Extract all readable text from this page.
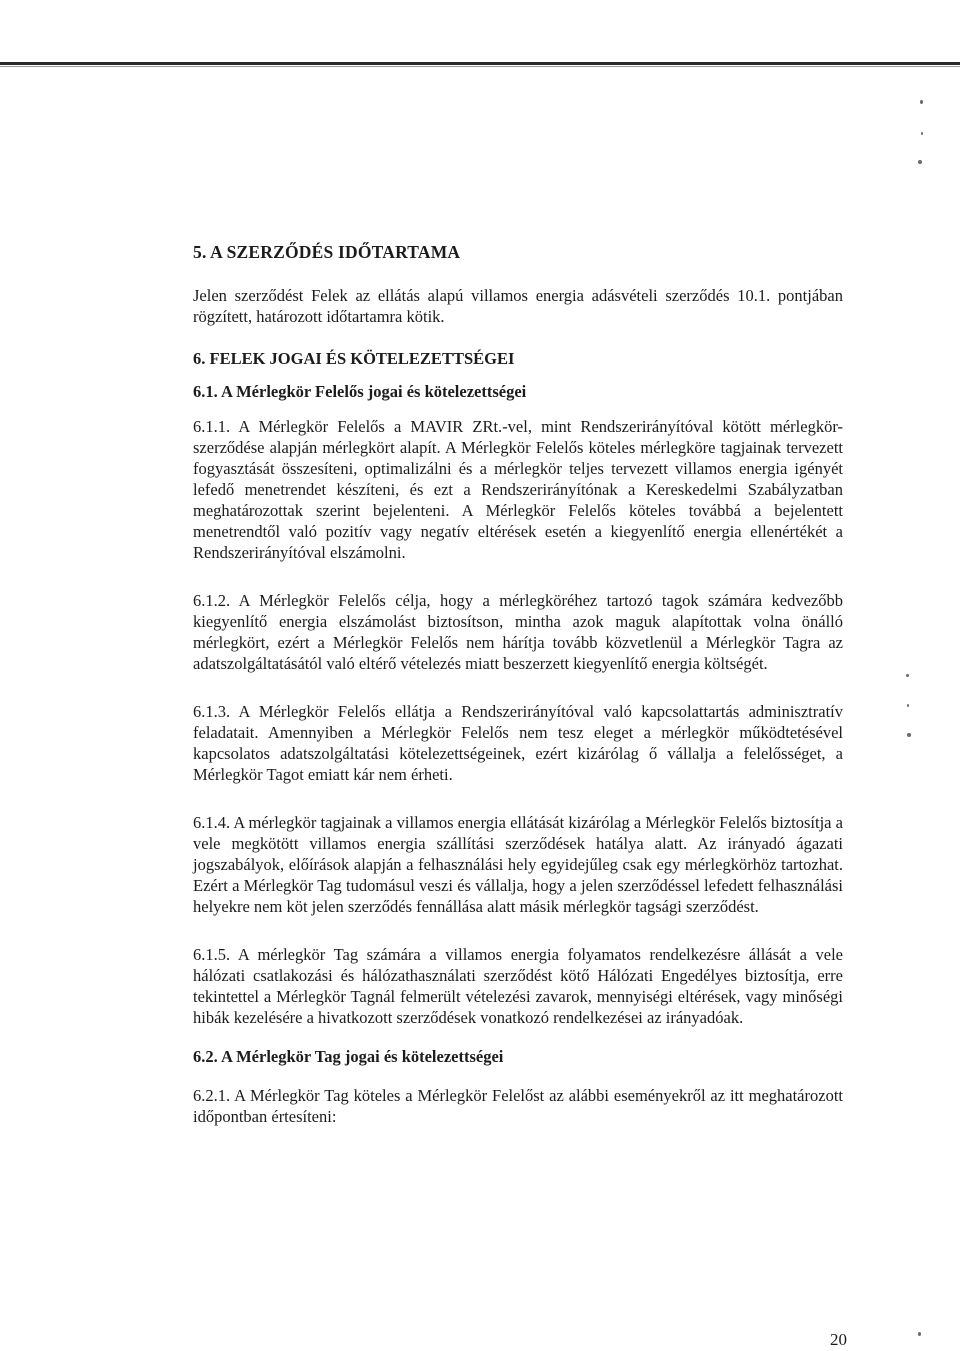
5. A SZERZŐDÉS IDŐTARTAMA
Jelen szerződést Felek az ellátás alapú villamos energia adásvételi szerződés 10.1. pontjában rögzített, határozott időtartamra kötik.
6. FELEK JOGAI ÉS KÖTELEZETTSÉGEI
6.1. A Mérlegkör Felelős jogai és kötelezettségei
6.1.1. A Mérlegkör Felelős a MAVIR ZRt.-vel, mint Rendszerirányítóval kötött mérlegkör-szerződése alapján mérlegkört alapít. A Mérlegkör Felelős köteles mérlegköre tagjainak tervezett fogyasztását összesíteni, optimalizálni és a mérlegkör teljes tervezett villamos energia igényét lefedő menetrendet készíteni, és ezt a Rendszerirányítónak a Kereskedelmi Szabályzatban meghatározottak szerint bejelenteni. A Mérlegkör Felelős köteles továbbá a bejelentett menetrendtől való pozitív vagy negatív eltérések esetén a kiegyenlítő energia ellenértékét a Rendszerirányítóval elszámolni.
6.1.2. A Mérlegkör Felelős célja, hogy a mérlegköréhez tartozó tagok számára kedvezőbb kiegyenlítő energia elszámolást biztosítson, mintha azok maguk alapítottak volna önálló mérlegkört, ezért a Mérlegkör Felelős nem hárítja tovább közvetlenül a Mérlegkör Tagra az adatszolgáltatásától való eltérő vételezés miatt beszerzett kiegyenlítő energia költségét.
6.1.3. A Mérlegkör Felelős ellátja a Rendszerirányítóval való kapcsolattartás adminisztratív feladatait. Amennyiben a Mérlegkör Felelős nem tesz eleget a mérlegkör működtetésével kapcsolatos adatszolgáltatási kötelezettségeinek, ezért kizárólag ő vállalja a felelősséget, a Mérlegkör Tagot emiatt kár nem érheti.
6.1.4. A mérlegkör tagjainak a villamos energia ellátását kizárólag a Mérlegkör Felelős biztosítja a vele megkötött villamos energia szállítási szerződések hatálya alatt. Az irányadó ágazati jogszabályok, előírások alapján a felhasználási hely egyidejűleg csak egy mérlegkörhöz tartozhat. Ezért a Mérlegkör Tag tudomásul veszi és vállalja, hogy a jelen szerződéssel lefedett felhasználási helyekre nem köt jelen szerződés fennállása alatt másik mérlegkör tagsági szerződést.
6.1.5. A mérlegkör Tag számára a villamos energia folyamatos rendelkezésre állását a vele hálózati csatlakozási és hálózathasználati szerződést kötő Hálózati Engedélyes biztosítja, erre tekintettel a Mérlegkör Tagnál felmerült vételezési zavarok, mennyiségi eltérések, vagy minőségi hibák kezelésére a hivatkozott szerződések vonatkozó rendelkezései az irányadóak.
6.2. A Mérlegkör Tag jogai és kötelezettségei
6.2.1. A Mérlegkör Tag köteles a Mérlegkör Felelőst az alábbi eseményekről az itt meghatározott időpontban értesíteni:
20
